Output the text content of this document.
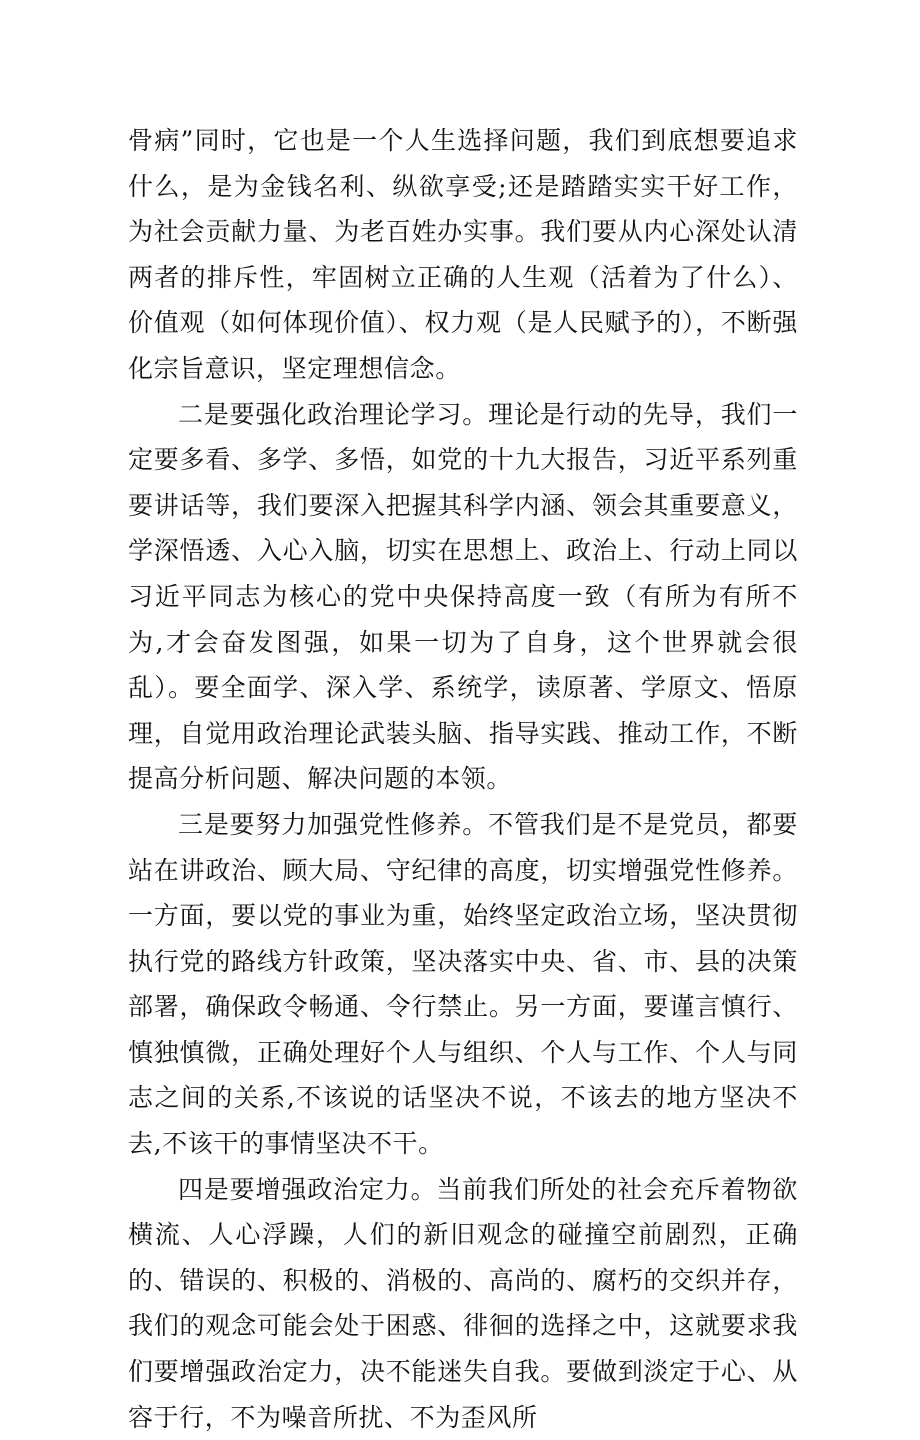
骨病”同时，它也是一个人生选择问题，我们到底想要追求什么，是为金钱名利、纵欲享受;还是踏踏实实干好工作，为社会贡献力量、为老百姓办实事。我们要从内心深处认清两者的排斥性，牢固树立正确的人生观（活着为了什么）、价值观（如何体现价值）、权力观（是人民赋予的），不断强化宗旨意识，坚定理想信念。

二是要强化政治理论学习。理论是行动的先导，我们一定要多看、多学、多悟，如党的十九大报告，习近平系列重要讲话等，我们要深入把握其科学内涵、领会其重要意义，学深悟透、入心入脑，切实在思想上、政治上、行动上同以习近平同志为核心的党中央保持高度一致（有所为有所不为,才会奋发图强，如果一切为了自身，这个世界就会很乱）。要全面学、深入学、系统学，读原著、学原文、悟原理，自觉用政治理论武装头脑、指导实践、推动工作，不断提高分析问题、解决问题的本领。

三是要努力加强党性修养。不管我们是不是党员，都要站在讲政治、顾大局、守纪律的高度，切实增强党性修养。一方面，要以党的事业为重，始终坚定政治立场，坚决贯彻执行党的路线方针政策，坚决落实中央、省、市、县的决策部署，确保政令畅通、令行禁止。另一方面，要谨言慎行、慎独慎微，正确处理好个人与组织、个人与工作、个人与同志之间的关系,不该说的话坚决不说，不该去的地方坚决不去,不该干的事情坚决不干。

四是要增强政治定力。当前我们所处的社会充斥着物欲横流、人心浮躁，人们的新旧观念的碰撞空前剧烈，正确的、错误的、积极的、消极的、高尚的、腐朽的交织并存，我们的观念可能会处于困惑、徘徊的选择之中，这就要求我们要增强政治定力，决不能迷失自我。要做到淡定于心、从容于行，不为噪音所扰、不为歪风所
